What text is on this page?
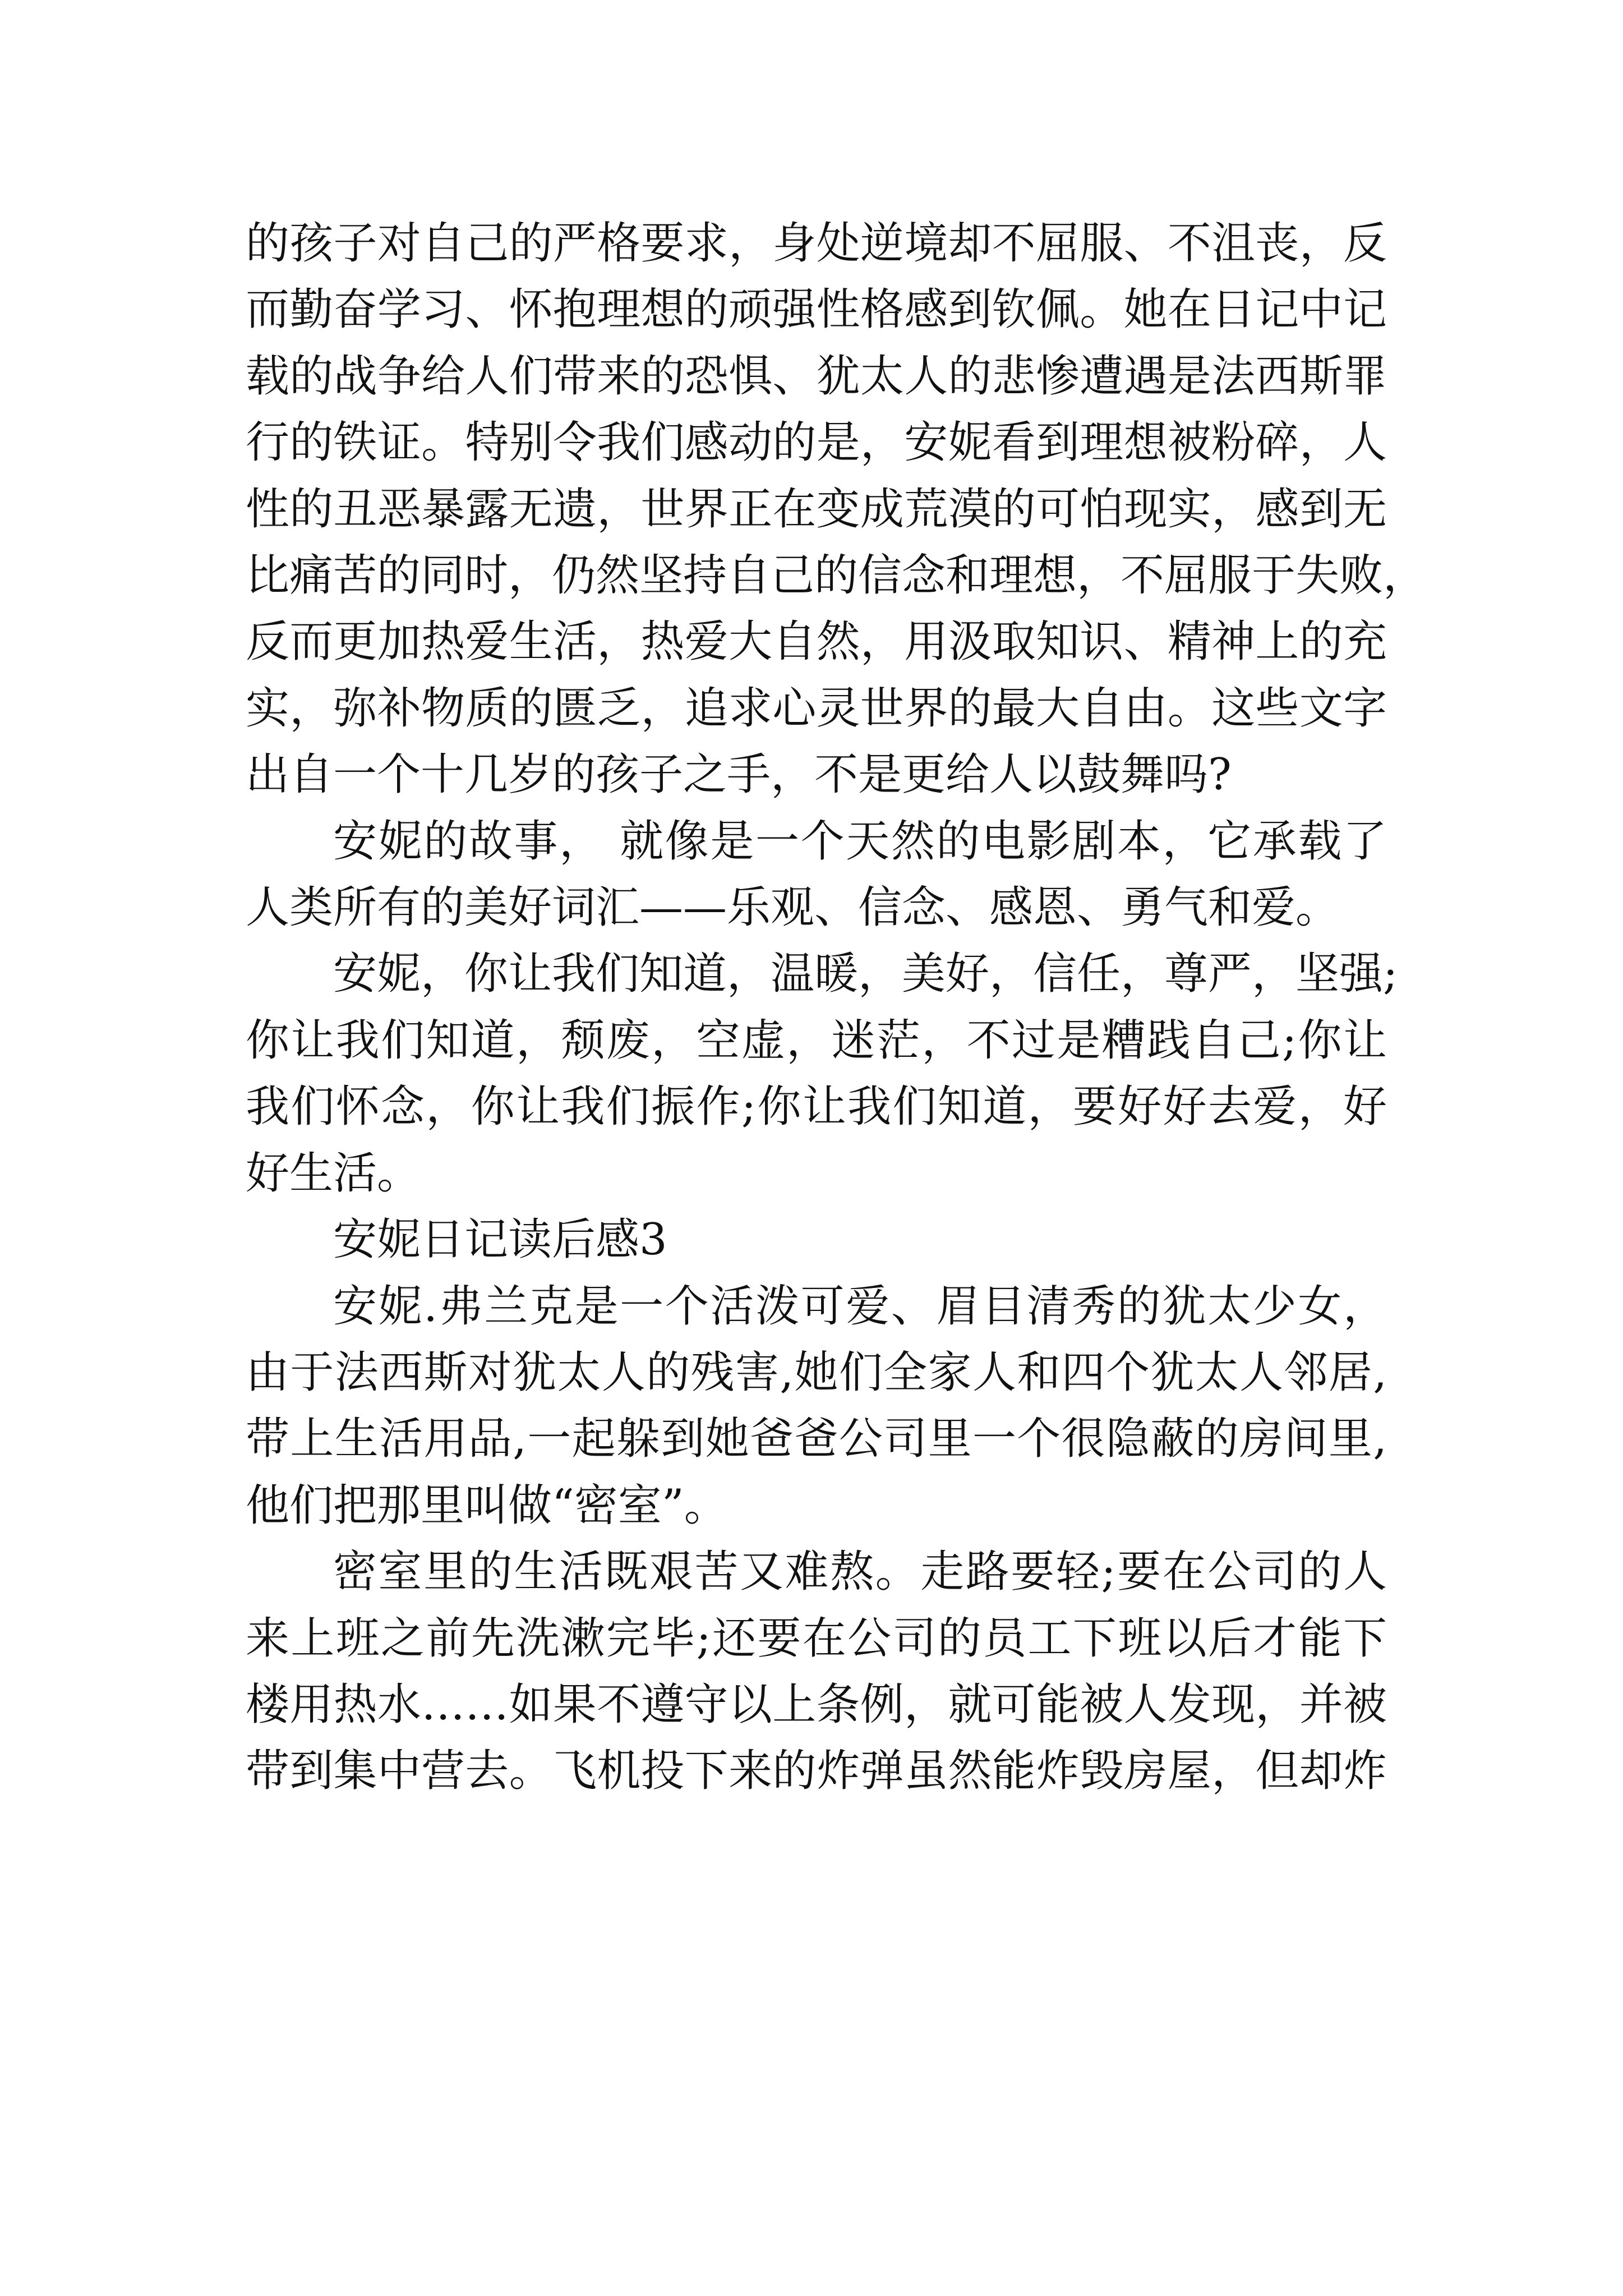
的孩子对自己的严格要求，身处逆境却不屈服、不沮丧，反
而勤奋学习、怀抱理想的顽强性格感到钦佩。她在日记中记
载的战争给人们带来的恐惧、犹太人的悲惨遭遇是法西斯罪
行的铁证。特别令我们感动的是，安妮看到理想被粉碎，人
性的丑恶暴露无遗，世界正在变成荒漠的可怕现实，感到无
比痛苦的同时，仍然坚持自己的信念和理想，不屈服于失败，
反而更加热爱生活，热爱大自然，用汲取知识、精神上的充
实，弥补物质的匮乏，追求心灵世界的最大自由。这些文字
出自一个十几岁的孩子之手，不是更给人以鼓舞吗?

安妮的故事， 就像是一个天然的电影剧本，它承载了
人类所有的美好词汇——乐观、信念、感恩、勇气和爱。

安妮，你让我们知道，温暖，美好，信任，尊严，坚强;
你让我们知道，颓废，空虚，迷茫，不过是糟践自己;你让
我们怀念，你让我们振作;你让我们知道，要好好去爱，好
好生活。

安妮日记读后感3

安妮.弗兰克是一个活泼可爱、眉目清秀的犹太少女，
由于法西斯对犹太人的残害,她们全家人和四个犹太人邻居,
带上生活用品,一起躲到她爸爸公司里一个很隐蔽的房间里,
他们把那里叫做“密室”。

密室里的生活既艰苦又难熬。走路要轻;要在公司的人
来上班之前先洗漱完毕;还要在公司的员工下班以后才能下
楼用热水……如果不遵守以上条例，就可能被人发现，并被
带到集中营去。飞机投下来的炸弹虽然能炸毁房屋，但却炸
